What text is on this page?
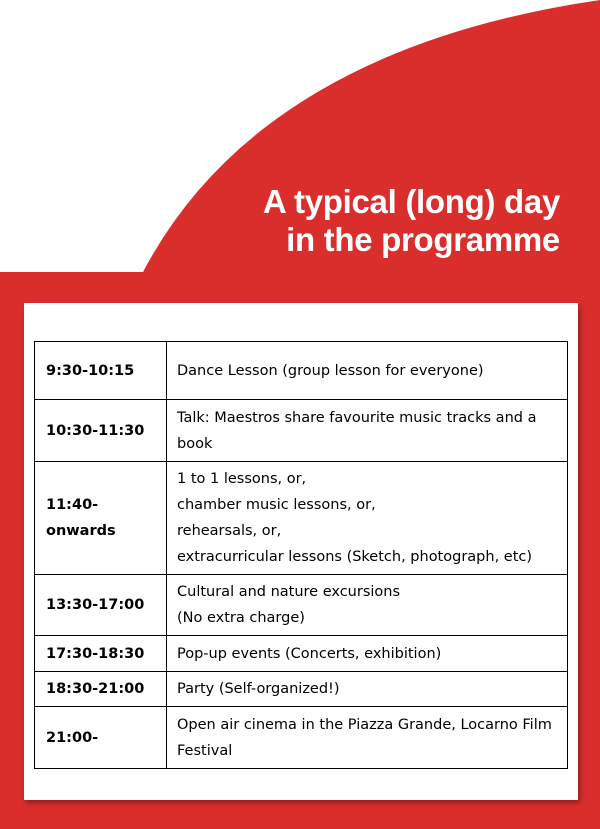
A typical (long) day
in the programme
9:30-10:15	Dance Lesson (group lesson for everyone)

10:30-11:30	Talk: Maestros share favourite music tracks and a book

11:40-
onwards	1 to 1 lessons, or,
chamber music lessons, or,
rehearsals, or,
extracurricular lessons (Sketch, photograph, etc)

13:30-17:00	Cultural and nature excursions
(No extra charge)

17:30-18:30	Pop-up events (Concerts, exhibition)

18:30-21:00	Party (Self-organized!)

21:00-	Open air cinema in the Piazza Grande, Locarno Film Festival
